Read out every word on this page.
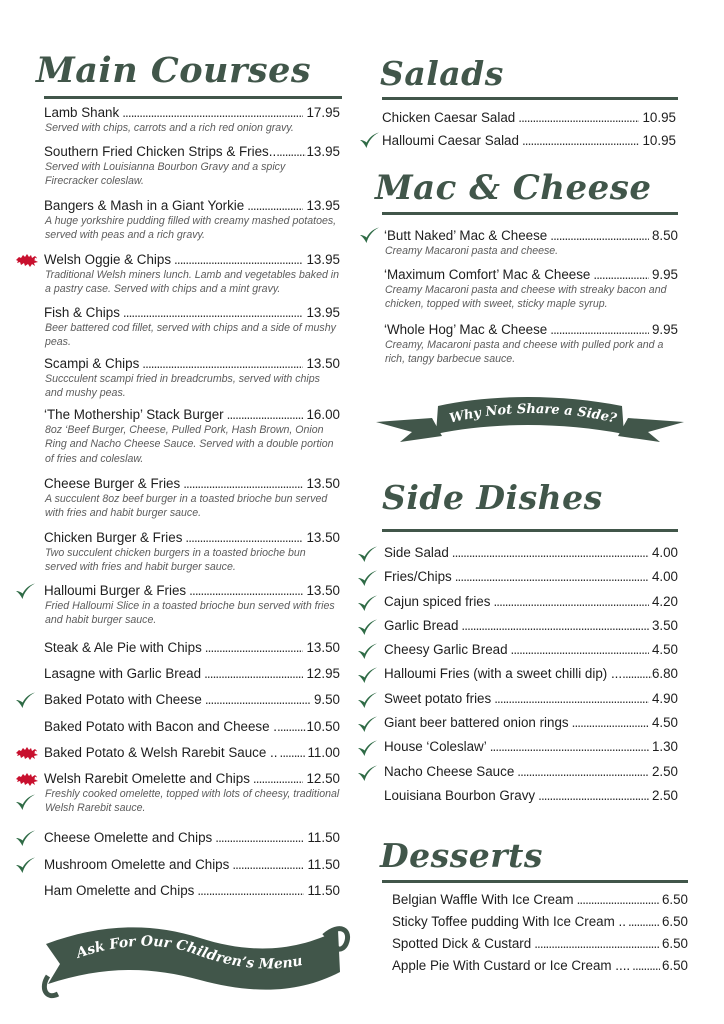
Main Courses
Lamb Shank . . .	17.95
Served with chips, carrots and a rich red onion gravy.
Southern Fried Chicken Strips & Fries.. . . . 13.95
Served with Louisianna Bourbon Gravy and a spicy Firecracker coleslaw.
Bangers & Mash in a Giant Yorkie . . .	13.95
A huge yorkshire pudding filled with creamy mashed potatoes, served with peas and a rich gravy.
Welsh Oggie & Chips . . .	13.95
Traditional Welsh miners lunch. Lamb and vegetables baked in a pastry case. Served with chips and a mint gravy.
Fish & Chips . . .	13.95
Beer battered cod fillet, served with chips and a side of mushy peas.
Scampi & Chips . . .	13.50
Succculent scampi fried in breadcrumbs, served with chips and mushy peas.
‘The Mothership’ Stack Burger . . .	16.00
8oz ‘Beef Burger, Cheese, Pulled Pork, Hash Brown, Onion Ring and Nacho Cheese Sauce. Served with a double portion of fries and coleslaw.
Cheese Burger & Fries . . .	13.50
A succulent 8oz beef burger in a toasted brioche bun served with fries and habit burger sauce.
Chicken Burger & Fries . . .	13.50
Two succulent chicken burgers in a toasted brioche bun served with fries and habit burger sauce.
Halloumi Burger & Fries . . .	13.50
Fried Halloumi Slice in a toasted brioche bun served with fries and habit burger sauce.
Steak & Ale Pie with Chips . . .	13.50
Lasagne with Garlic Bread . . .	12.95
Baked Potato with Cheese . . .	9.50
Baked Potato with Bacon and Cheese . . . . 10.50
Baked Potato & Welsh Rarebit Sauce .. . . . 11.00
Welsh Rarebit Omelette and Chips . . .	12.50
Freshly cooked omelette, topped with lots of cheesy, traditional Welsh Rarebit sauce.
Cheese Omelette and Chips . . .	11.50
Mushroom Omelette and Chips . . .	11.50
Ham Omelette and Chips . . .	11.50
Ask For Our Children’s Menu
Salads
Chicken Caesar Salad . . .	10.95
Halloumi Caesar Salad . . .	10.95
Mac & Cheese
‘Butt Naked’ Mac & Cheese . . .	8.50
Creamy Macaroni pasta and cheese.
‘Maximum Comfort’ Mac & Cheese . . .	9.95
Creamy Macaroni pasta and cheese with streaky bacon and chicken, topped with sweet, sticky maple syrup.
‘Whole Hog’ Mac & Cheese . . .	9.95
Creamy, Macaroni pasta and cheese with pulled pork and a rich, tangy barbecue sauce.
Why Not Share a Side?
Side Dishes
Side Salad . . .	4.00
Fries/Chips . . .	4.00
Cajun spiced fries . . .	4.20
Garlic Bread . . .	3.50
Cheesy Garlic Bread . . .	4.50
Halloumi Fries (with a sweet chilli dip) ... . . . 6.80
Sweet potato fries . . .	4.90
Giant beer battered onion rings . . .	4.50
House ‘Coleslaw’ . . .	1.30
Nacho Cheese Sauce . . .	2.50
Louisiana Bourbon Gravy . . .	2.50
Desserts
Belgian Waffle With Ice Cream . . .	6.50
Sticky Toffee pudding With Ice Cream .. . . .	6.50
Spotted Dick & Custard . . .	6.50
Apple Pie With Custard or Ice Cream .... . . . 6.50
